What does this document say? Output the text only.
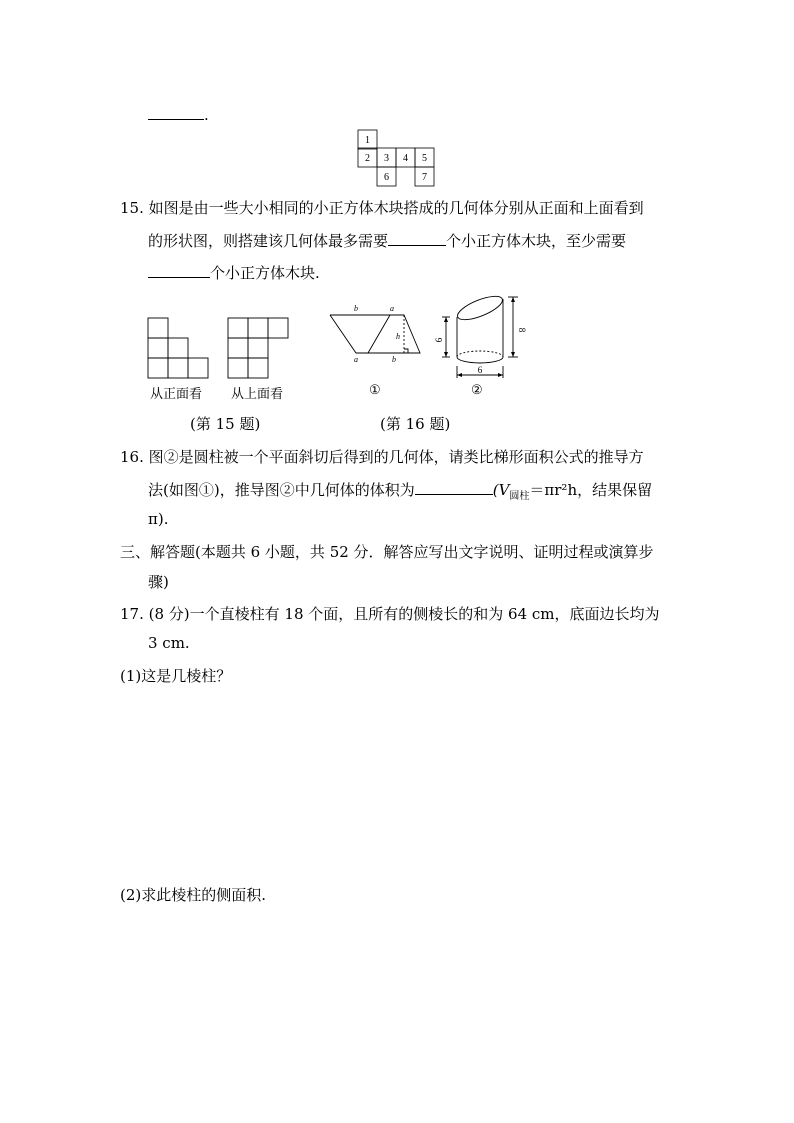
.
1
2 3 4 5
6	7
15. 如图是由一些大小相同的小正方体木块搭成的几何体分别从正面和上面看到
的形状图，则搭建该几何体最多需要	个小正方体木块，至少需要
个小正方体木块.
从正面看 从上面看
b	a
h
a	b
①
6
8
6
②
(第 15 题)	(第 16 题)
16. 图②是圆柱被一个平面斜切后得到的几何体，请类比梯形面积公式的推导方
法(如图①)，推导图②中几何体的体积为	($V_{圆柱}=\pi r^2h$，结果保留
π).
三、解答题(本题共 6 小题，共 52 分．解答应写出文字说明、证明过程或演算步
骤)
17. (8 分)一个直棱柱有 18 个面，且所有的侧棱长的和为 64 cm，底面边长均为
3 cm.
(1)这是几棱柱？
(2)求此棱柱的侧面积.
